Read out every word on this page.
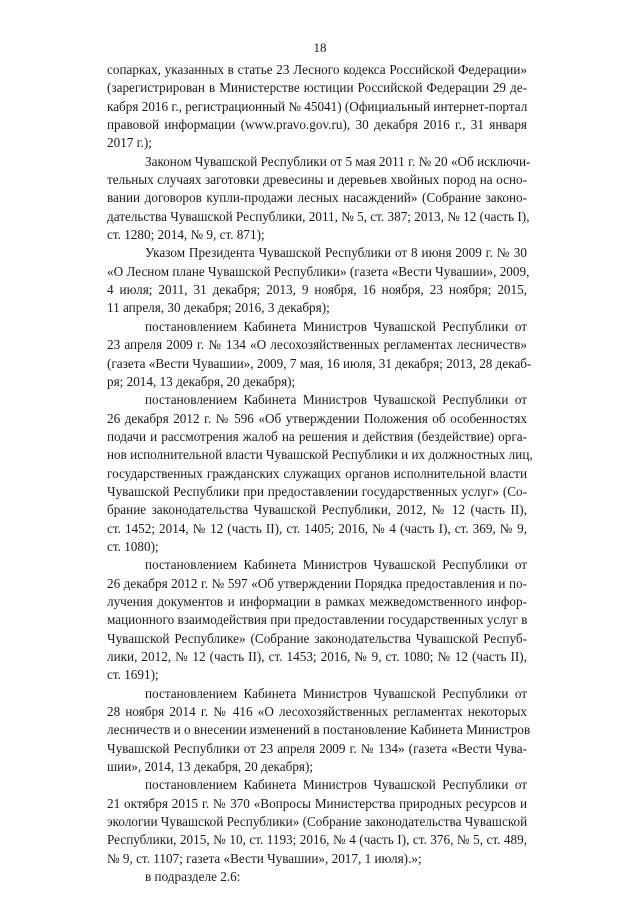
18

сопарках, указанных в статье 23 Лесного кодекса Российской Федерации»
(зарегистрирован в Министерстве юстиции Российской Федерации 29 де-
кабря 2016 г., регистрационный № 45041) (Официальный интернет-портал
правовой информации (www.pravo.gov.ru), 30 декабря 2016 г., 31 января
2017 г.);

Законом Чувашской Республики от 5 мая 2011 г. № 20 «Об исключи-
тельных случаях заготовки древесины и деревьев хвойных пород на осно-
вании договоров купли-продажи лесных насаждений» (Собрание законо-
дательства Чувашской Республики, 2011, № 5, ст. 387; 2013, № 12 (часть I),
ст. 1280; 2014, № 9, ст. 871);

Указом Президента Чувашской Республики от 8 июня 2009 г. № 30
«О Лесном плане Чувашской Республики» (газета «Вести Чувашии», 2009,
4 июля; 2011, 31 декабря; 2013, 9 ноября, 16 ноября, 23 ноября; 2015,
11 апреля, 30 декабря; 2016, 3 декабря);

постановлением Кабинета Министров Чувашской Республики от
23 апреля 2009 г. № 134 «О лесохозяйственных регламентах лесничеств»
(газета «Вести Чувашии», 2009, 7 мая, 16 июля, 31 декабря; 2013, 28 декаб-
ря; 2014, 13 декабря, 20 декабря);

постановлением Кабинета Министров Чувашской Республики от
26 декабря 2012 г. № 596 «Об утверждении Положения об особенностях
подачи и рассмотрения жалоб на решения и действия (бездействие) орга-
нов исполнительной власти Чувашской Республики и их должностных лиц,
государственных гражданских служащих органов исполнительной власти
Чувашской Республики при предоставлении государственных услуг» (Со-
брание законодательства Чувашской Республики, 2012, № 12 (часть II),
ст. 1452; 2014, № 12 (часть II), ст. 1405; 2016, № 4 (часть I), ст. 369, № 9,
ст. 1080);

постановлением Кабинета Министров Чувашской Республики от
26 декабря 2012 г. № 597 «Об утверждении Порядка предоставления и по-
лучения документов и информации в рамках межведомственного инфор-
мационного взаимодействия при предоставлении государственных услуг в
Чувашской Республике» (Собрание законодательства Чувашской Респуб-
лики, 2012, № 12 (часть II), ст. 1453; 2016, № 9, ст. 1080; № 12 (часть II),
ст. 1691);

постановлением Кабинета Министров Чувашской Республики от
28 ноября 2014 г. № 416 «О лесохозяйственных регламентах некоторых
лесничеств и о внесении изменений в постановление Кабинета Министров
Чувашской Республики от 23 апреля 2009 г. № 134» (газета «Вести Чува-
шии», 2014, 13 декабря, 20 декабря);

постановлением Кабинета Министров Чувашской Республики от
21 октября 2015 г. № 370 «Вопросы Министерства природных ресурсов и
экологии Чувашской Республики» (Собрание законодательства Чувашской
Республики, 2015, № 10, ст. 1193; 2016, № 4 (часть I), ст. 376, № 5, ст. 489,
№ 9, ст. 1107; газета «Вести Чувашии», 2017, 1 июля).»;

в подразделе 2.6:
